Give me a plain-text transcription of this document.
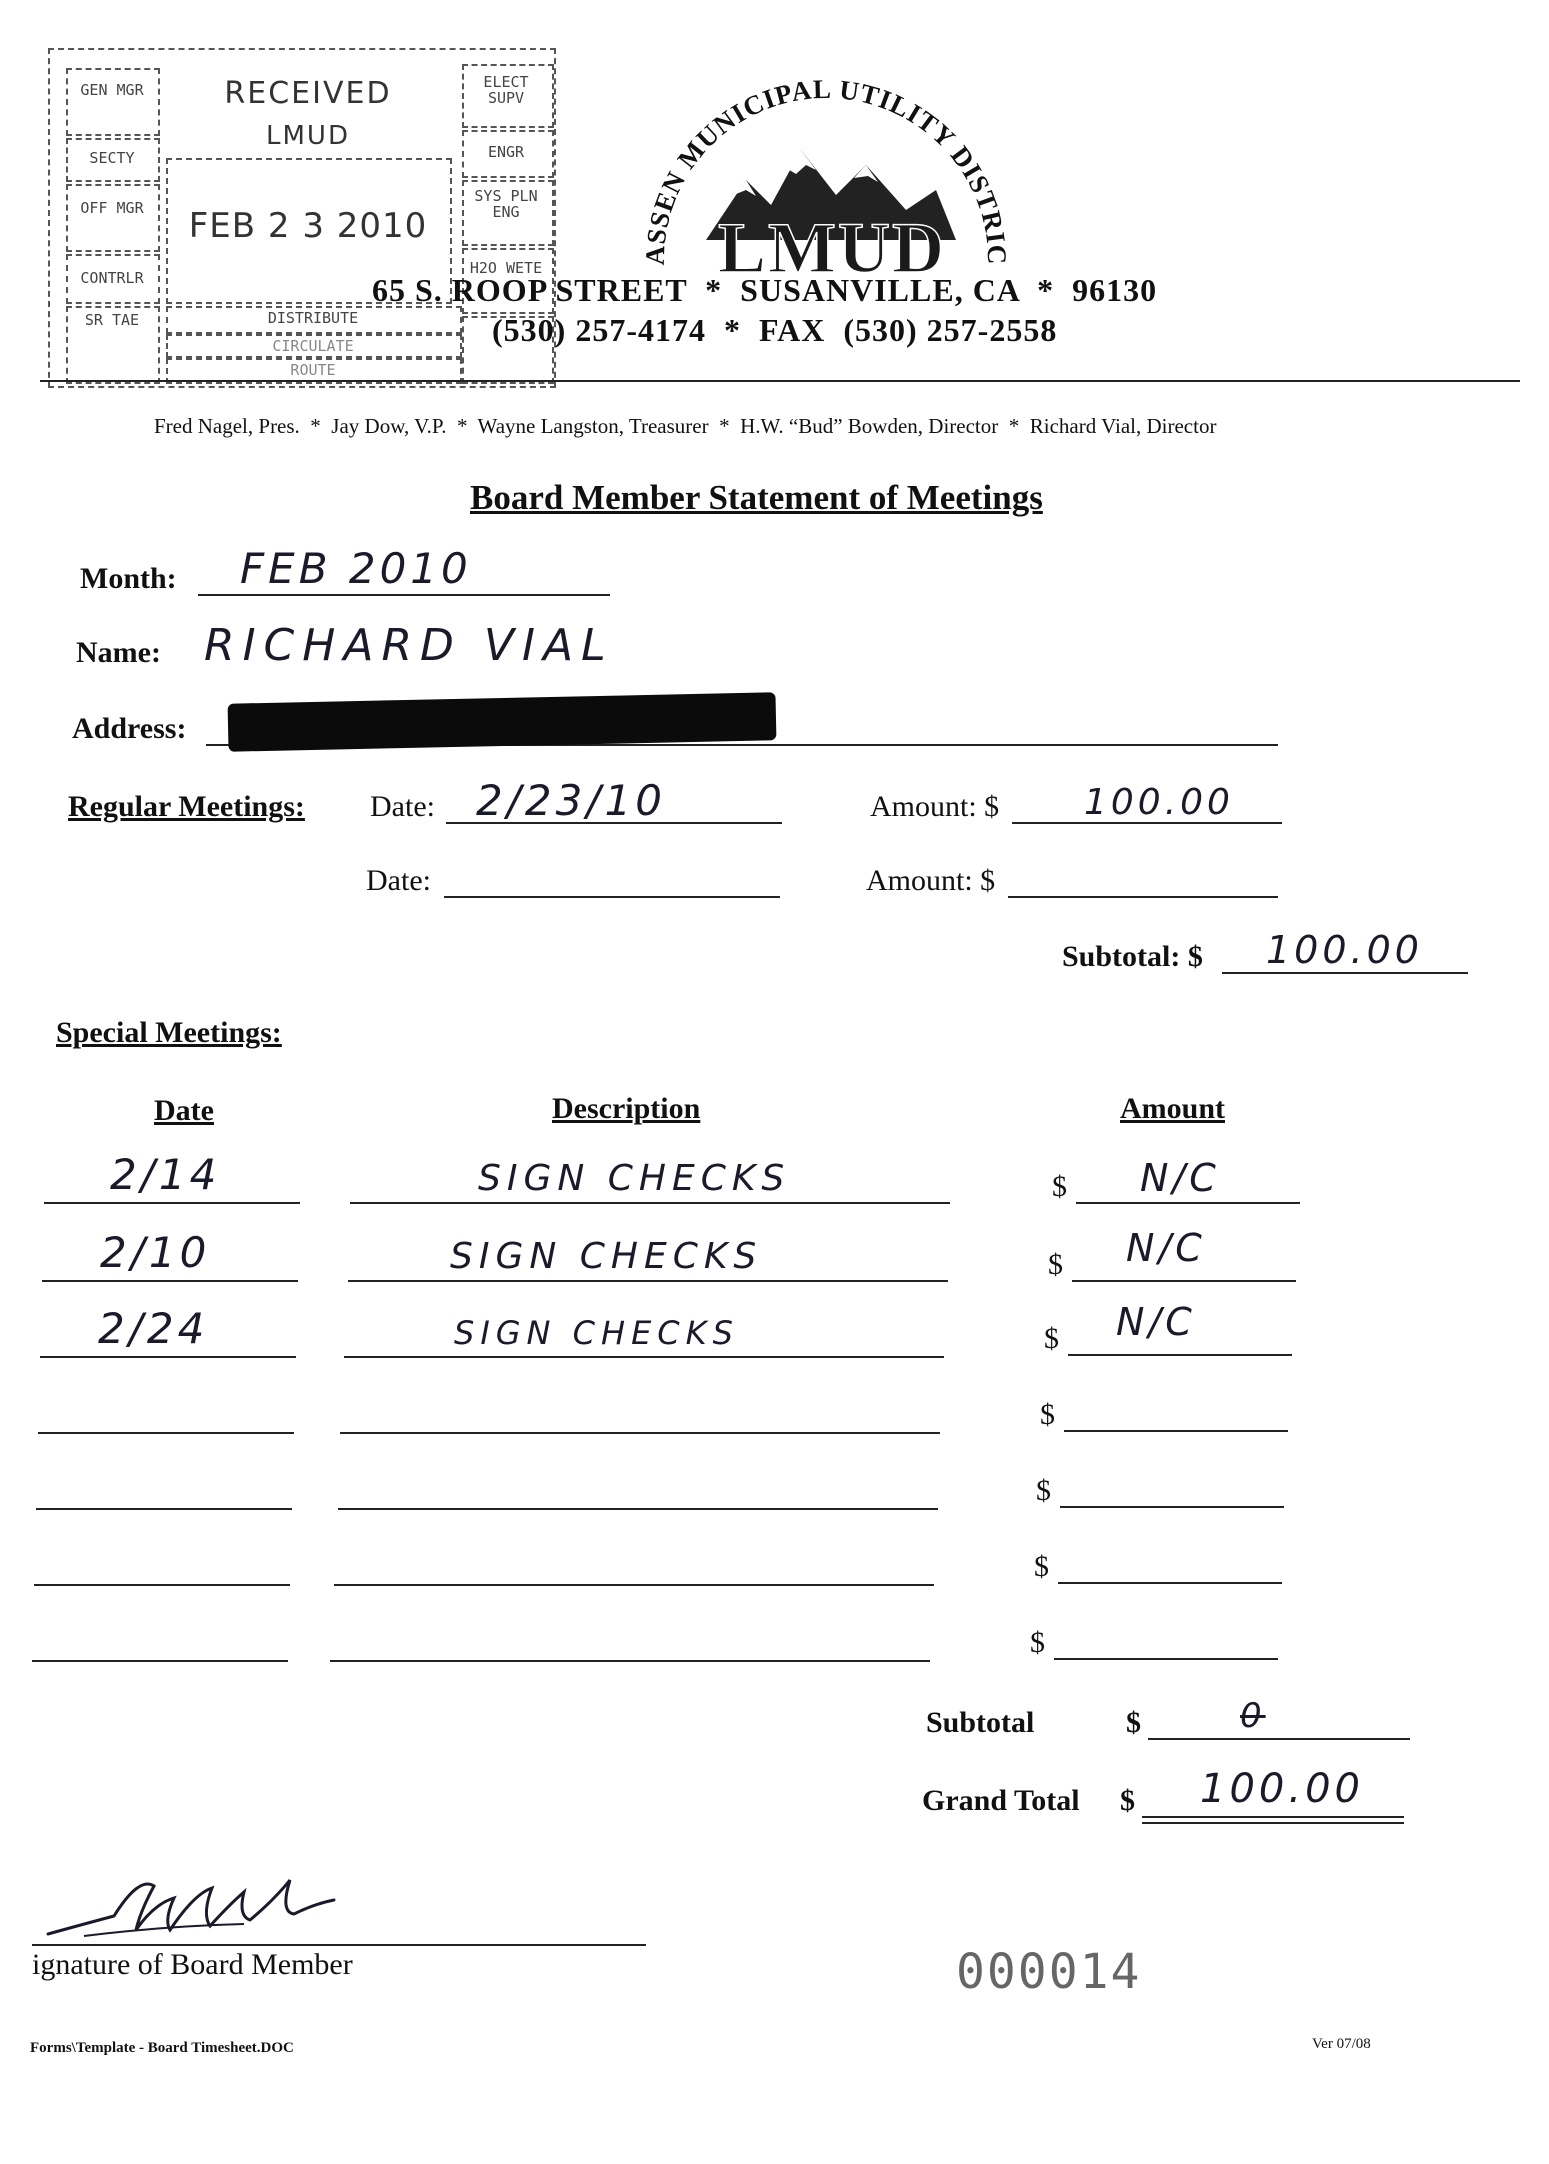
GEN MGR
SECTY
OFF MGR
CONTRLR
SR TAE
ELECT SUPV
ENGR
SYS PLN ENG
H2O WETE
RECEIVED
LMUD
FEB 2 3 2010
DISTRIBUTE
CIRCULATE
ROUTE
ASSEN MUNICIPAL UTILITY DISTRIC
LMUD
65 S. ROOP STREET  *  SUSANVILLE, CA  *  96130
(530) 257-4174  *  FAX  (530) 257-2558
Fred Nagel, Pres.  *  Jay Dow, V.P.  *  Wayne Langston, Treasurer  *  H.W. “Bud” Bowden, Director  *  Richard Vial, Director
Board Member Statement of Meetings
Month: FEB 2010
Name: RICHARD VIAL
Address:
Regular Meetings: Date: 2/23/10	Amount: $ 100.00
Date:	Amount: $
Subtotal: $ 100.00
Special Meetings:
Date	Description	Amount
2/14	SIGN CHECKS	$ N/C
2/10	SIGN CHECKS	$ N/C
2/24	SIGN CHECKS	$ N/C
$
$
$
$
Subtotal	$	0
Grand Total $ 100.00
ignature of Board Member	000014
Forms\Template - Board Timesheet.DOC	Ver 07/08
